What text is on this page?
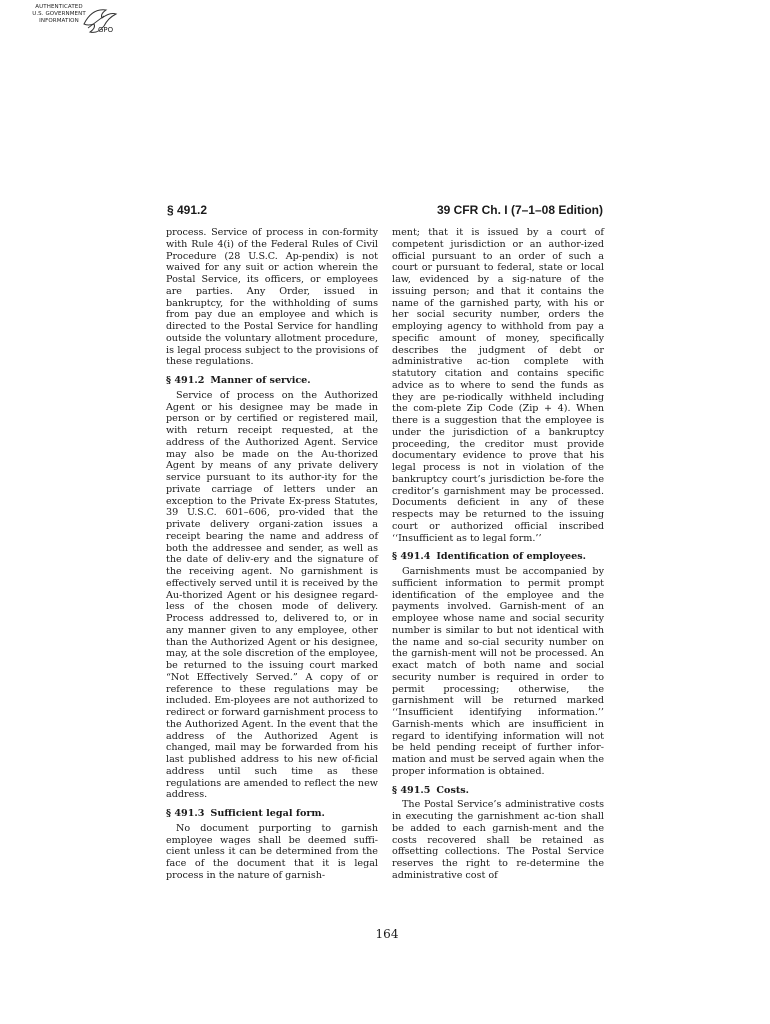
AUTHENTICATED
U.S. GOVERNMENT
INFORMATION
GPO
§ 491.2	39 CFR Ch. I (7–1–08 Edition)

process. Service of process in con-formity with Rule 4(i) of the Federal Rules of Civil Procedure (28 U.S.C. Ap-pendix) is not waived for any suit or action wherein the Postal Service, its officers, or employees are parties. Any Order, issued in bankruptcy, for the withholding of sums from pay due an employee and which is directed to the Postal Service for handling outside the voluntary allotment procedure, is legal process subject to the provisions of these regulations.

§ 491.2 Manner of service.

Service of process on the Authorized Agent or his designee may be made in person or by certified or registered mail, with return receipt requested, at the address of the Authorized Agent. Service may also be made on the Au-thorized Agent by means of any private delivery service pursuant to its author-ity for the private carriage of letters under an exception to the Private Ex-press Statutes, 39 U.S.C. 601–606, pro-vided that the private delivery organi-zation issues a receipt bearing the name and address of both the addressee and sender, as well as the date of deliv-ery and the signature of the receiving agent. No garnishment is effectively served until it is received by the Au-thorized Agent or his designee regard-less of the chosen mode of delivery. Process addressed to, delivered to, or in any manner given to any employee, other than the Authorized Agent or his designee, may, at the sole discretion of the employee, be returned to the issuing court marked “Not Effectively Served.” A copy of or reference to these regulations may be included. Em-ployees are not authorized to redirect or forward garnishment process to the Authorized Agent. In the event that the address of the Authorized Agent is changed, mail may be forwarded from his last published address to his new of-ficial address until such time as these regulations are amended to reflect the new address.

§ 491.3 Sufficient legal form.

No document purporting to garnish employee wages shall be deemed suffi-cient unless it can be determined from the face of the document that it is legal process in the nature of garnish-

ment; that it is issued by a court of competent jurisdiction or an author-ized official pursuant to an order of such a court or pursuant to federal, state or local law, evidenced by a sig-nature of the issuing person; and that it contains the name of the garnished party, with his or her social security number, orders the employing agency to withhold from pay a specific amount of money, specifically describes the judgment of debt or administrative ac-tion complete with statutory citation and contains specific advice as to where to send the funds as they are pe-riodically withheld including the com-plete Zip Code (Zip + 4). When there is a suggestion that the employee is under the jurisdiction of a bankruptcy proceeding, the creditor must provide documentary evidence to prove that his legal process is not in violation of the bankruptcy court’s jurisdiction be-fore the creditor’s garnishment may be processed. Documents deficient in any of these respects may be returned to the issuing court or authorized official inscribed ‘‘Insufficient as to legal form.’’

§ 491.4 Identification of employees.

Garnishments must be accompanied by sufficient information to permit prompt identification of the employee and the payments involved. Garnish-ment of an employee whose name and social security number is similar to but not identical with the name and so-cial security number on the garnish-ment will not be processed. An exact match of both name and social security number is required in order to permit processing; otherwise, the garnishment will be returned marked ‘‘Insufficient identifying information.’’ Garnish-ments which are insufficient in regard to identifying information will not be held pending receipt of further infor-mation and must be served again when the proper information is obtained.

§ 491.5 Costs.

The Postal Service’s administrative costs in executing the garnishment ac-tion shall be added to each garnish-ment and the costs recovered shall be retained as offsetting collections. The Postal Service reserves the right to re-determine the administrative cost of

164
